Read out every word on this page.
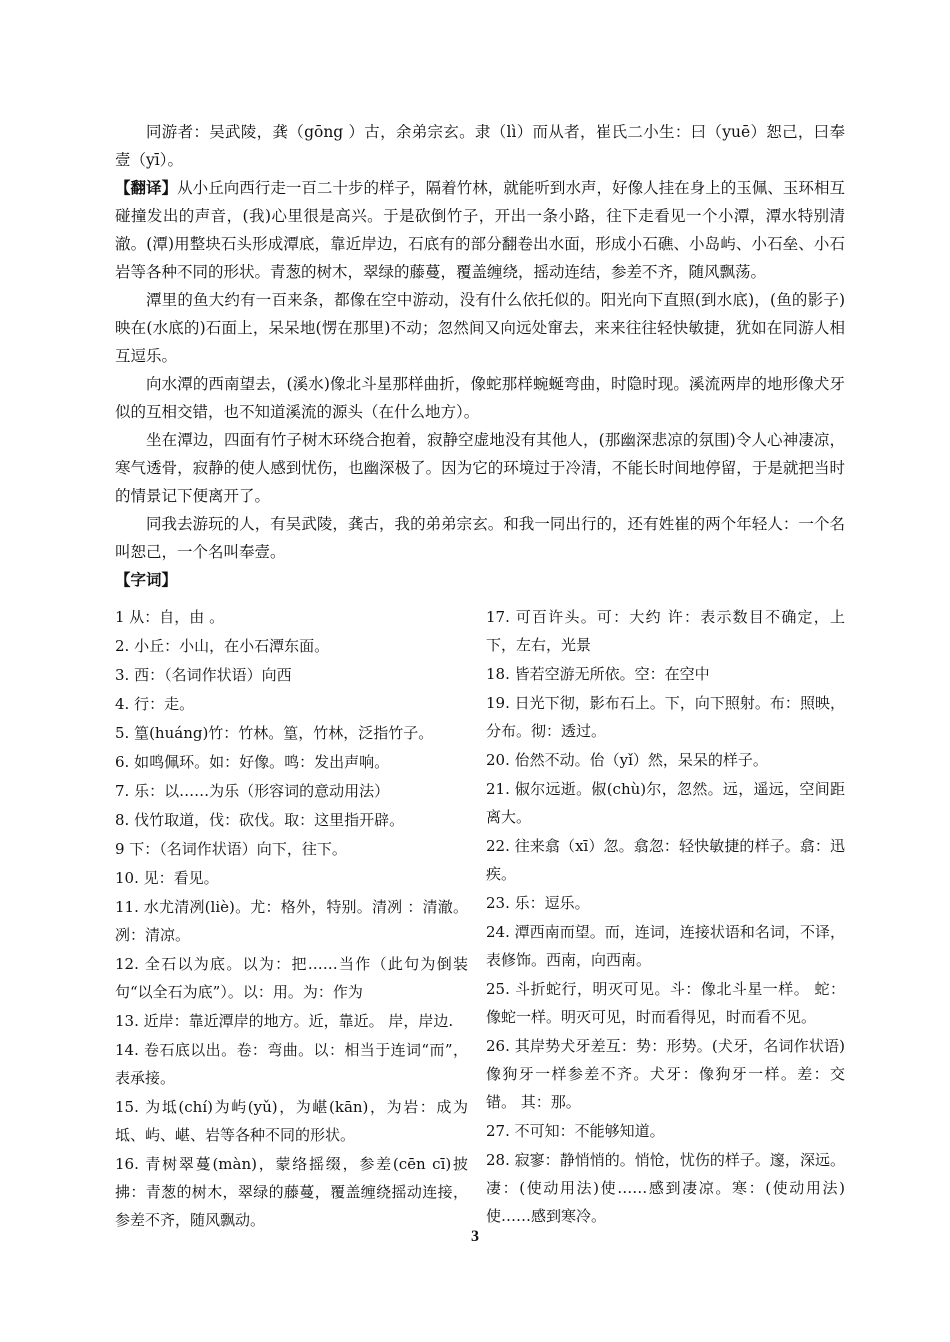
同游者：吴武陵，龚（gōng ）古，余弟宗玄。隶（lì）而从者，崔氏二小生：曰（yuē）恕己，曰奉壹（yī）。

【翻译】从小丘向西行走一百二十步的样子，隔着竹林，就能听到水声，好像人挂在身上的玉佩、玉环相互碰撞发出的声音，(我)心里很是高兴。于是砍倒竹子，开出一条小路，往下走看见一个小潭，潭水特别清澈。(潭)用整块石头形成潭底，靠近岸边，石底有的部分翻卷出水面，形成小石礁、小岛屿、小石垒、小石岩等各种不同的形状。青葱的树木，翠绿的藤蔓，覆盖缠绕，摇动连结，参差不齐，随风飘荡。

潭里的鱼大约有一百来条，都像在空中游动，没有什么依托似的。阳光向下直照(到水底)，(鱼的影子)映在(水底的)石面上，呆呆地(愣在那里)不动；忽然间又向远处窜去，来来往往轻快敏捷，犹如在同游人相互逗乐。

向水潭的西南望去，(溪水)像北斗星那样曲折，像蛇那样蜿蜒弯曲，时隐时现。溪流两岸的地形像犬牙似的互相交错，也不知道溪流的源头（在什么地方）。

坐在潭边，四面有竹子树木环绕合抱着，寂静空虚地没有其他人，(那幽深悲凉的氛围)令人心神凄凉，寒气透骨，寂静的使人感到忧伤，也幽深极了。因为它的环境过于冷清，不能长时间地停留，于是就把当时的情景记下便离开了。

同我去游玩的人，有吴武陵，龚古，我的弟弟宗玄。和我一同出行的，还有姓崔的两个年轻人：一个名叫恕己，一个名叫奉壹。

【字词】

1 从：自，由 。

2. 小丘：小山，在小石潭东面。

3. 西：（名词作状语）向西

4. 行：走。

5. 篁(huáng)竹：竹林。篁，竹林，泛指竹子。

6. 如鸣佩环。如：好像。鸣：发出声响。

7. 乐：以……为乐（形容词的意动用法）

8. 伐竹取道，伐：砍伐。取：这里指开辟。

9 下：（名词作状语）向下，往下。

10. 见：看见。

11. 水尤清冽(liè)。尤：格外，特别。清冽 ：清澈。冽：清凉。

12. 全石以为底。以为：把……当作（此句为倒装句“以全石为底”）。以：用。为：作为

13. 近岸：靠近潭岸的地方。近，靠近。 岸，岸边.

14. 卷石底以出。卷：弯曲。以：相当于连词“而”，表承接。

15. 为坻(chí)为屿(yǔ)，为嵁(kān)，为岩：成为坻、屿、嵁、岩等各种不同的形状。

16. 青树翠蔓(màn)，蒙络摇缀，参差(cēn cī)披拂：青葱的树木，翠绿的藤蔓，覆盖缠绕摇动连接，参差不齐，随风飘动。

17. 可百许头。可：大约 许：表示数目不确定，上下，左右，光景

18. 皆若空游无所依。空：在空中

19. 日光下彻，影布石上。下，向下照射。布：照映，分布。彻：透过。

20. 佁然不动。佁（yǐ）然，呆呆的样子。

21. 俶尔远逝。俶(chù)尔，忽然。远，遥远，空间距离大。

22. 往来翕（xī）忽。翕忽：轻快敏捷的样子。翕：迅疾。

23. 乐：逗乐。

24. 潭西南而望。而，连词，连接状语和名词，不译，表修饰。西南，向西南。

25. 斗折蛇行，明灭可见。斗：像北斗星一样。 蛇：像蛇一样。明灭可见，时而看得见，时而看不见。

26. 其岸势犬牙差互：势：形势。(犬牙，名词作状语)像狗牙一样参差不齐。犬牙：像狗牙一样。差：交错。 其：那。

27. 不可知：不能够知道。

28. 寂寥：静悄悄的。悄怆，忧伤的样子。邃，深远。凄：(使动用法)使……感到凄凉。寒：(使动用法)使……感到寒冷。

3
